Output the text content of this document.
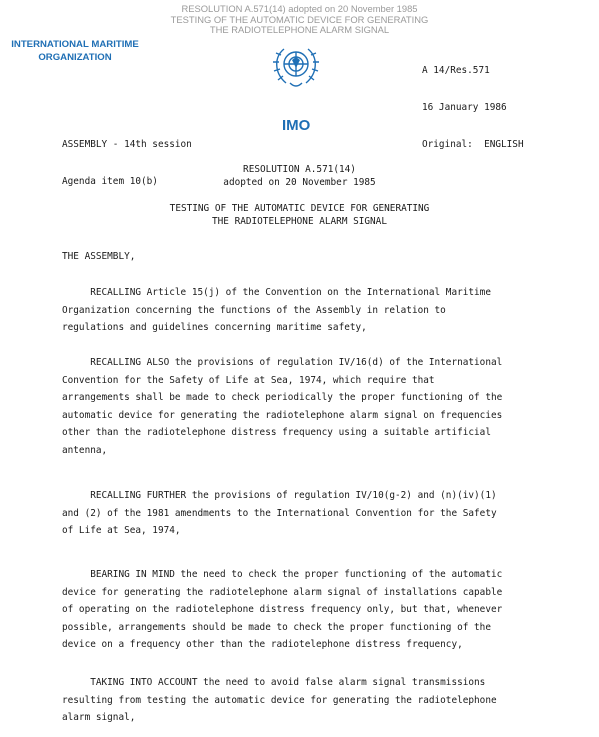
RESOLUTION A.571(14) adopted on 20 November 1985
TESTING OF THE AUTOMATIC DEVICE FOR GENERATING
THE RADIOTELEPHONE ALARM SIGNAL
INTERNATIONAL MARITIME
ORGANIZATION

A 14/Res.571

16 January 1986

Original:  ENGLISH

ASSEMBLY - 14th session

Agenda item 10(b)

IMO
RESOLUTION A.571(14)
adopted on 20 November 1985
TESTING OF THE AUTOMATIC DEVICE FOR GENERATING
THE RADIOTELEPHONE ALARM SIGNAL
THE ASSEMBLY,
RECALLING Article 15(j) of the Convention on the International Maritime
Organization concerning the functions of the Assembly in relation to
regulations and guidelines concerning maritime safety,
RECALLING ALSO the provisions of regulation IV/16(d) of the International
Convention for the Safety of Life at Sea, 1974, which require that
arrangements shall be made to check periodically the proper functioning of the
automatic device for generating the radiotelephone alarm signal on frequencies
other than the radiotelephone distress frequency using a suitable artificial
antenna,
RECALLING FURTHER the provisions of regulation IV/10(g-2) and (n)(iv)(1)
and (2) of the 1981 amendments to the International Convention for the Safety
of Life at Sea, 1974,
BEARING IN MIND the need to check the proper functioning of the automatic
device for generating the radiotelephone alarm signal of installations capable
of operating on the radiotelephone distress frequency only, but that, whenever
possible, arrangements should be made to check the proper functioning of the
device on a frequency other than the radiotelephone distress frequency,
TAKING INTO ACCOUNT the need to avoid false alarm signal transmissions
resulting from testing the automatic device for generating the radiotelephone
alarm signal,
